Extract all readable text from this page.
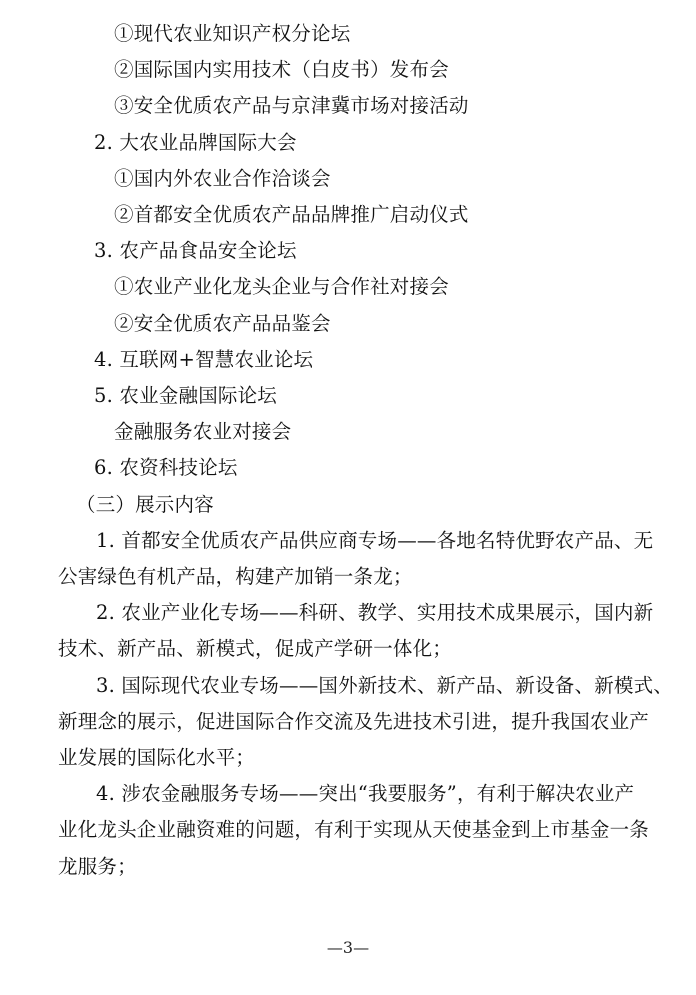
①现代农业知识产权分论坛
②国际国内实用技术（白皮书）发布会
③安全优质农产品与京津冀市场对接活动
2. 大农业品牌国际大会
①国内外农业合作洽谈会
②首都安全优质农产品品牌推广启动仪式
3. 农产品食品安全论坛
①农业产业化龙头企业与合作社对接会
②安全优质农产品品鉴会
4. 互联网+智慧农业论坛
5. 农业金融国际论坛
金融服务农业对接会
6. 农资科技论坛
（三）展示内容
1. 首都安全优质农产品供应商专场——各地名特优野农产品、无
公害绿色有机产品，构建产加销一条龙；
2. 农业产业化专场——科研、教学、实用技术成果展示，国内新
技术、新产品、新模式，促成产学研一体化；
3. 国际现代农业专场——国外新技术、新产品、新设备、新模式、
新理念的展示，促进国际合作交流及先进技术引进，提升我国农业产
业发展的国际化水平；
4. 涉农金融服务专场——突出“我要服务”，有利于解决农业产
业化龙头企业融资难的问题，有利于实现从天使基金到上市基金一条
龙服务；
—3—
